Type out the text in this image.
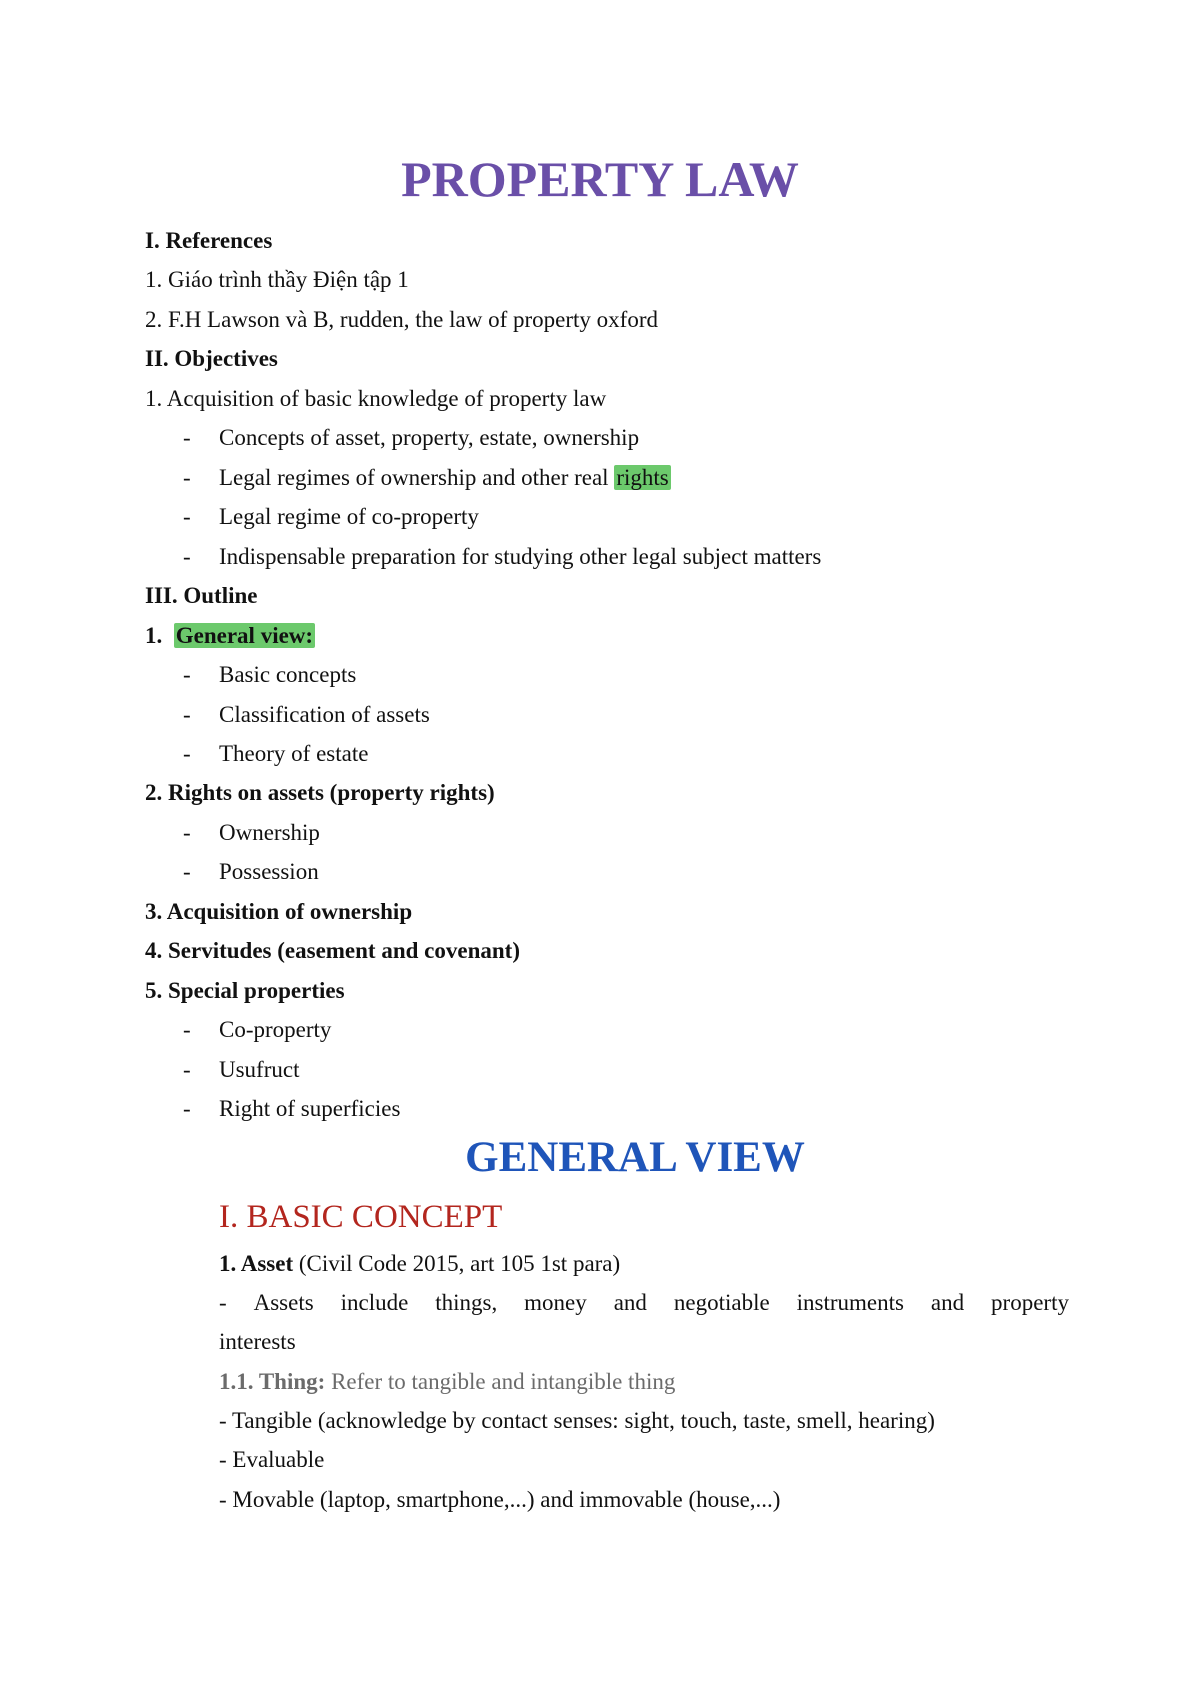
PROPERTY LAW
I. References
1. Giáo trình thầy Điện tập 1
2. F.H Lawson và B, rudden, the law of property oxford
II. Objectives
1. Acquisition of basic knowledge of property law
- Concepts of asset, property, estate, ownership
- Legal regimes of ownership and other real rights
- Legal regime of co-property
- Indispensable preparation for studying other legal subject matters
III. Outline
1. General view:
- Basic concepts
- Classification of assets
- Theory of estate
2. Rights on assets (property rights)
- Ownership
- Possession
3. Acquisition of ownership
4. Servitudes (easement and covenant)
5. Special properties
- Co-property
- Usufruct
- Right of superficies
GENERAL VIEW
I. BASIC CONCEPT
1. Asset (Civil Code 2015, art 105 1st para)
- Assets include things, money and negotiable instruments and property
interests
1.1. Thing: Refer to tangible and intangible thing
- Tangible (acknowledge by contact senses: sight, touch, taste, smell, hearing)
- Evaluable
- Movable (laptop, smartphone,...) and immovable (house,...)
